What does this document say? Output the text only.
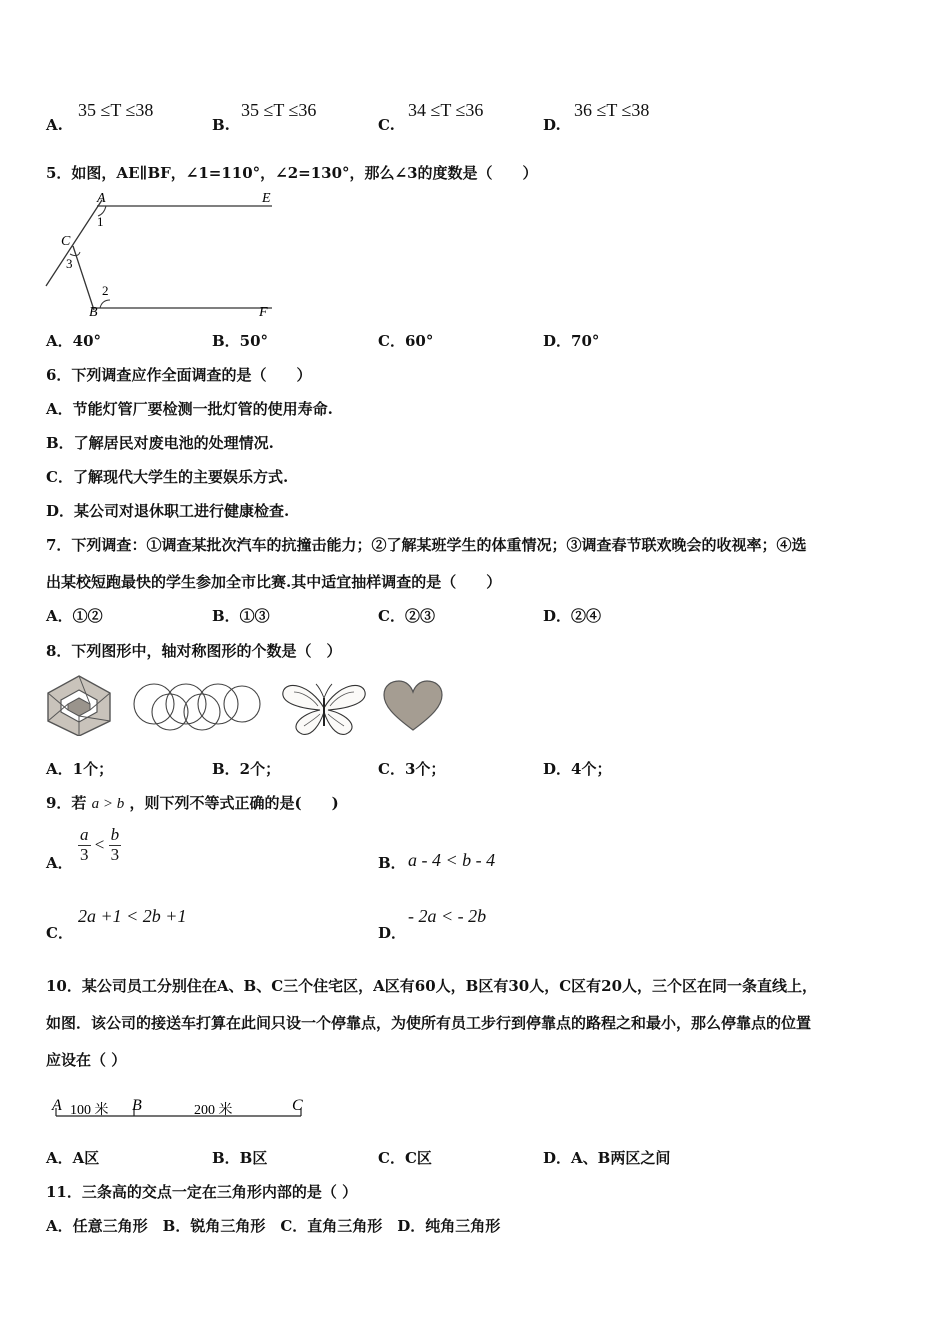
A.
35 ≤T ≤38
B.
35 ≤T ≤36
C.
34 ≤T ≤36
D.
36 ≤T ≤38
5．如图，AE∥BF，∠1=110°，∠2=130°，那么∠3的度数是（　　）
A	E
1
C
3
2
B	F
A．40°	B．50°	C．60°	D．70°
6．下列调查应作全面调查的是（　　）
A．节能灯管厂要检测一批灯管的使用寿命.
B．了解居民对废电池的处理情况.
C．了解现代大学生的主要娱乐方式.
D．某公司对退休职工进行健康检查.
7．下列调查：①调查某批次汽车的抗撞击能力；②了解某班学生的体重情况；③调查春节联欢晚会的收视率；④选
出某校短跑最快的学生参加全市比赛.其中适宜抽样调查的是（　　）
A．①②	B．①③	C．②③	D．②④
8．下列图形中，轴对称图形的个数是（　）
A．1个；	B．2个；	C．3个；	D．4个；
9．若 a > b ，则下列不等式正确的是(　　)
A． $\frac{a}{3} < \frac{b}{3}$	B． a - 4 < b - 4
C．
2a +1 < 2b +1
D．
- 2a < - 2b
10．某公司员工分别住在A、B、C三个住宅区，A区有60人，B区有30人，C区有20人，三个区在同一条直线上，
如图．该公司的接送车打算在此间只设一个停靠点，为使所有员工步行到停靠点的路程之和最小，那么停靠点的位置
应设在（ ）
A 100 米 B	200 米	C
A．A区	B．B区	C．C区	D．A、B两区之间
11．三条高的交点一定在三角形内部的是（ ）
A．任意三角形　B．锐角三角形　C．直角三角形　D．纯角三角形
